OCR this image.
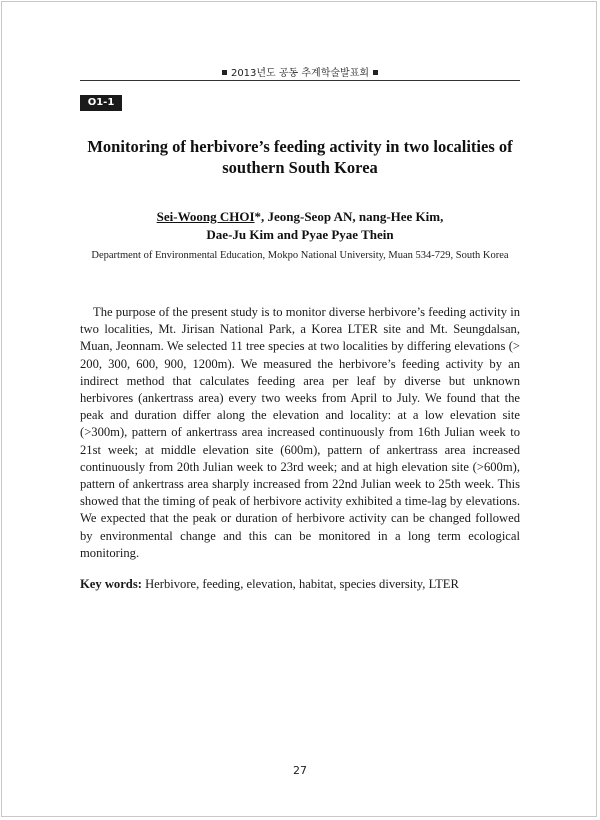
2013년도 공동 추계학술발표회
O1-1
Monitoring of herbivore’s feeding activity in two localities of southern South Korea
Sei-Woong CHOI*, Jeong-Seop AN, nang-Hee Kim,
Dae-Ju Kim and Pyae Pyae Thein
Department of Environmental Education, Mokpo National University, Muan 534-729, South Korea

The purpose of the present study is to monitor diverse herbivore’s feeding activity in two localities, Mt. Jirisan National Park, a Korea LTER site and Mt. Seungdalsan, Muan, Jeonnam. We selected 11 tree species at two localities by differing elevations (> 200, 300, 600, 900, 1200m). We measured the herbivore’s feeding activity by an indirect method that calculates feeding area per leaf by diverse but unknown herbivores (ankertrass area) every two weeks from April to July. We found that the peak and duration differ along the elevation and locality: at a low elevation site (>300m), pattern of ankertrass area increased continuously from 16th Julian week to 21st week; at middle elevation site (600m), pattern of ankertrass area increased continuously from 20th Julian week to 23rd week; and at high elevation site (>600m), pattern of ankertrass area sharply increased from 22nd Julian week to 25th week. This showed that the timing of peak of herbivore activity exhibited a time-lag by elevations. We expected that the peak or duration of herbivore activity can be changed followed by environmental change and this can be monitored in a long term ecological monitoring.

Key words: Herbivore, feeding, elevation, habitat, species diversity, LTER

27
